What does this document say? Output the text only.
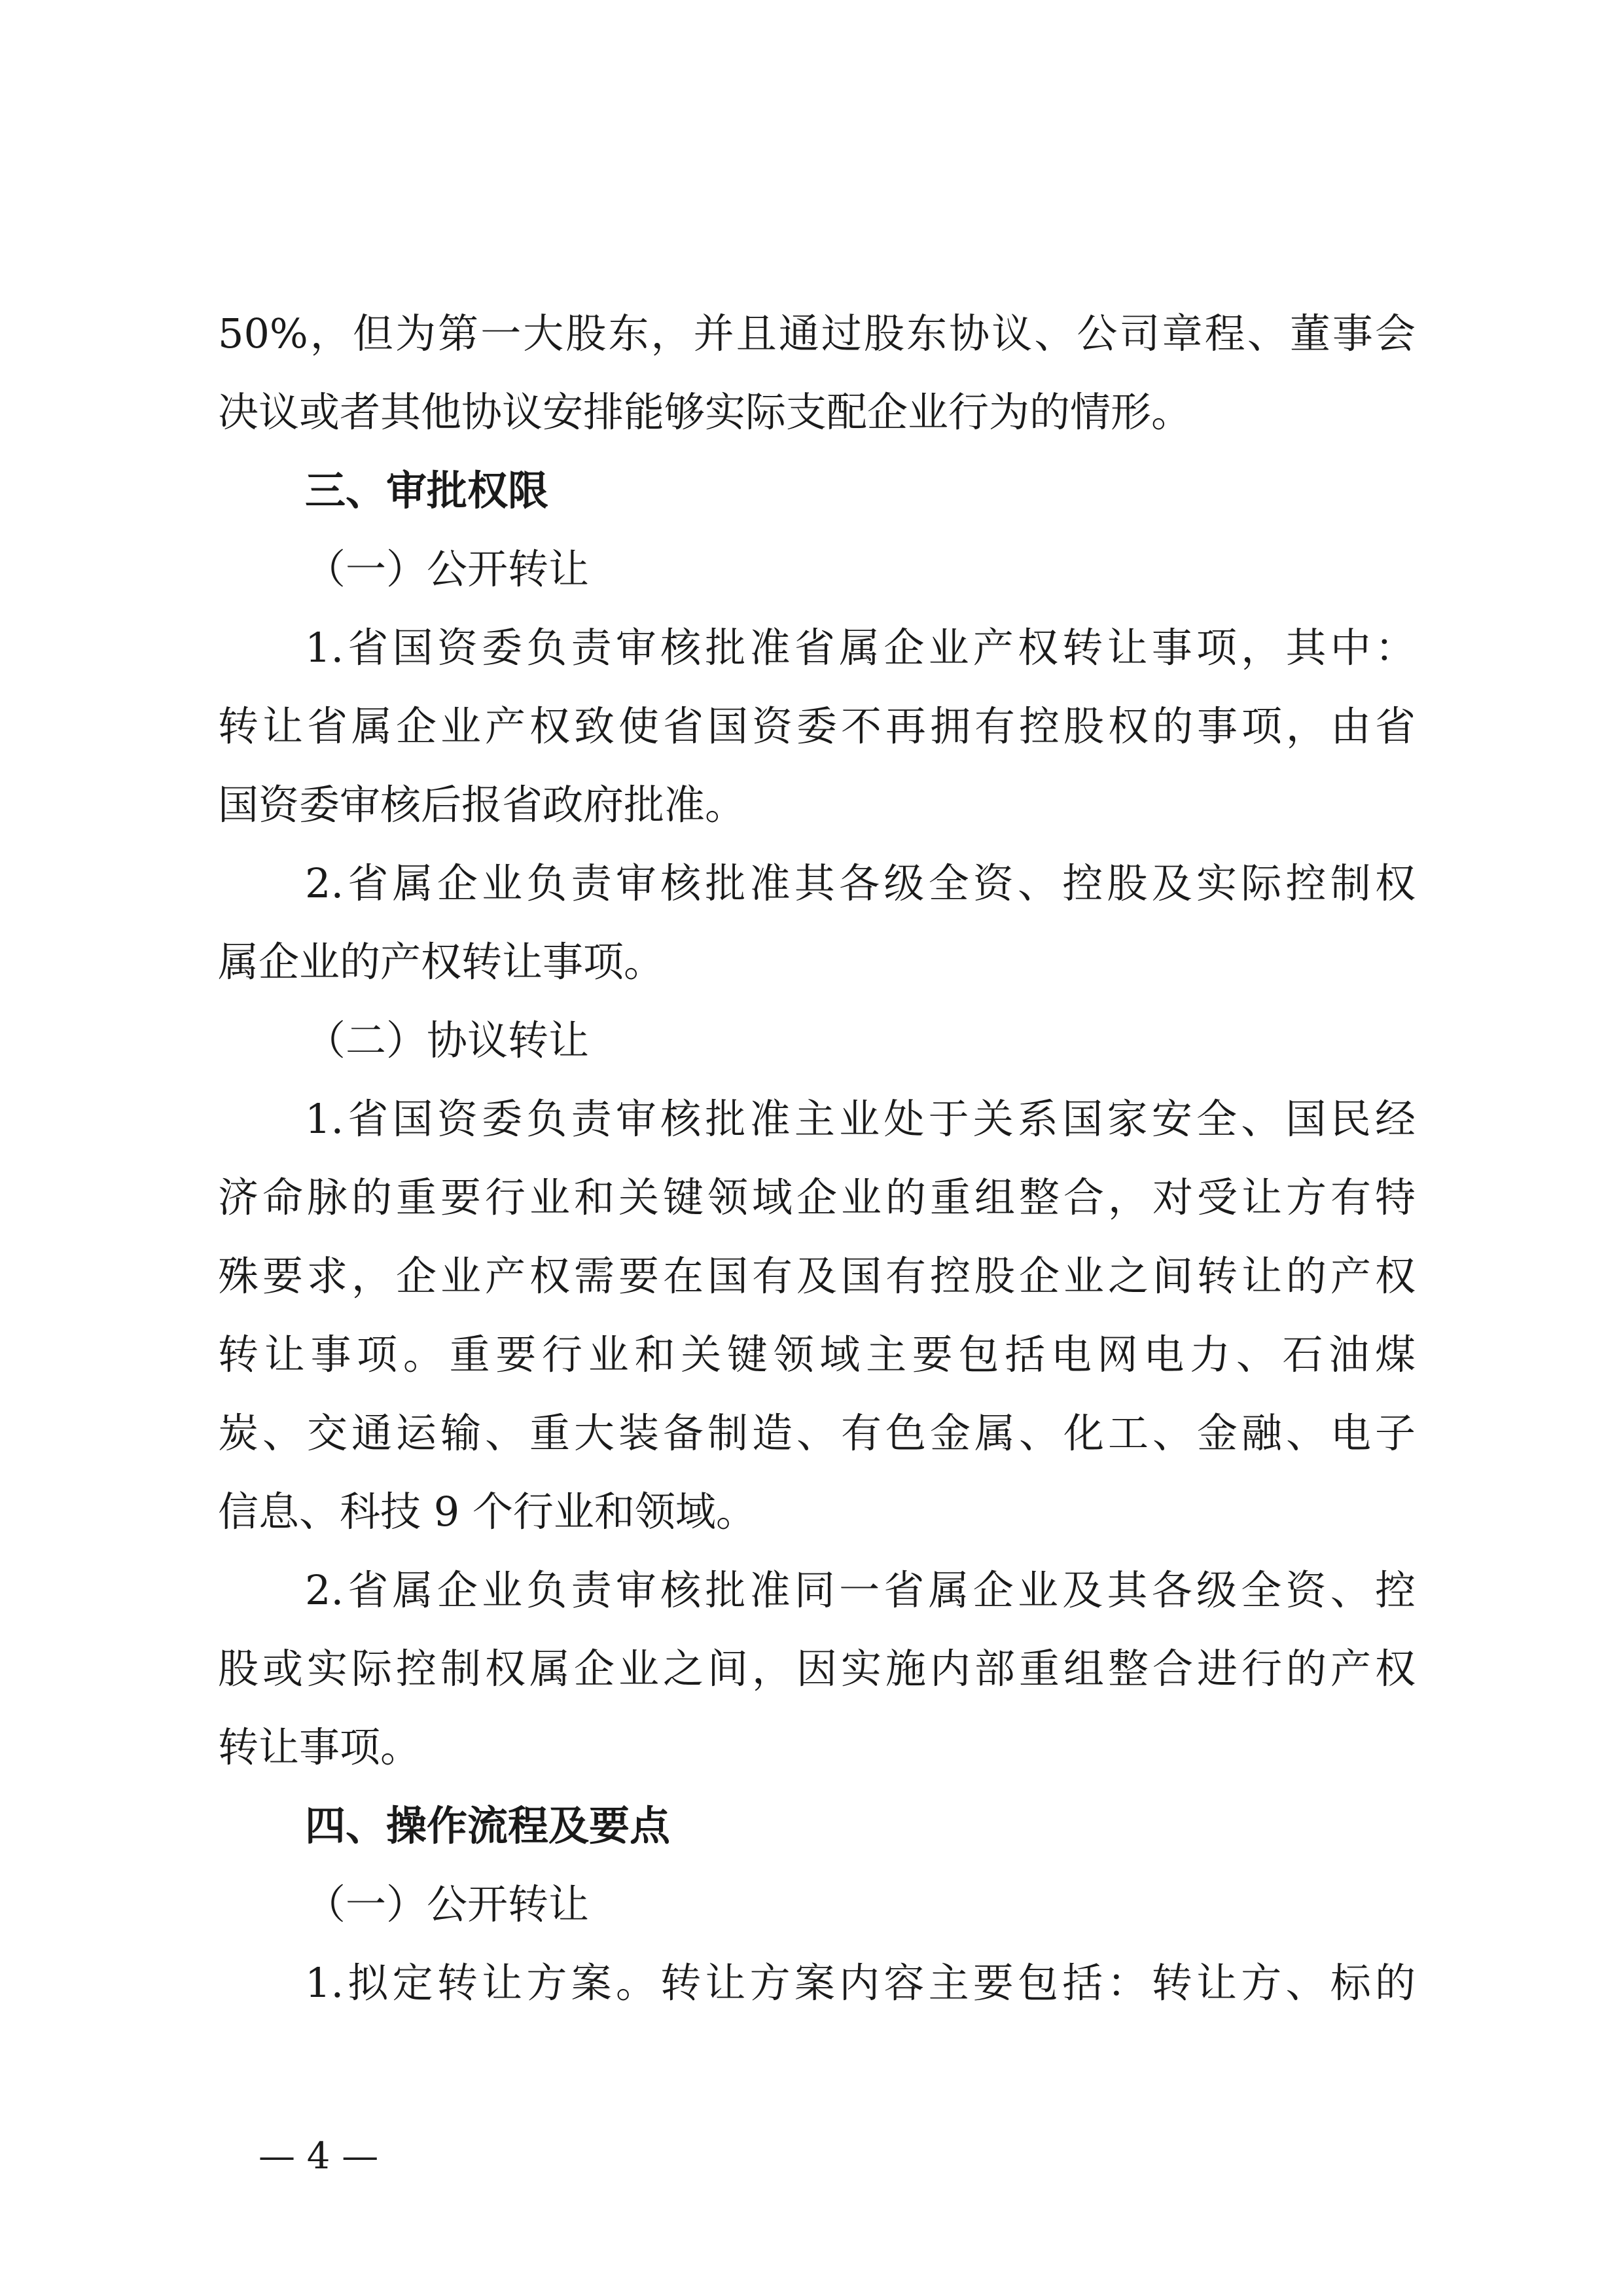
50%，但为第一大股东，并且通过股东协议、公司章程、董事会
决议或者其他协议安排能够实际支配企业行为的情形。
三、审批权限
（一）公开转让
1.省国资委负责审核批准省属企业产权转让事项，其中：
转让省属企业产权致使省国资委不再拥有控股权的事项，由省
国资委审核后报省政府批准。
2.省属企业负责审核批准其各级全资、控股及实际控制权
属企业的产权转让事项。
（二）协议转让
1.省国资委负责审核批准主业处于关系国家安全、国民经
济命脉的重要行业和关键领域企业的重组整合，对受让方有特
殊要求，企业产权需要在国有及国有控股企业之间转让的产权
转让事项。重要行业和关键领域主要包括电网电力、石油煤
炭、交通运输、重大装备制造、有色金属、化工、金融、电子
信息、科技 9 个行业和领域。
2.省属企业负责审核批准同一省属企业及其各级全资、控
股或实际控制权属企业之间，因实施内部重组整合进行的产权
转让事项。
四、操作流程及要点
（一）公开转让
1.拟定转让方案。转让方案内容主要包括：转让方、标的
— 4 —
